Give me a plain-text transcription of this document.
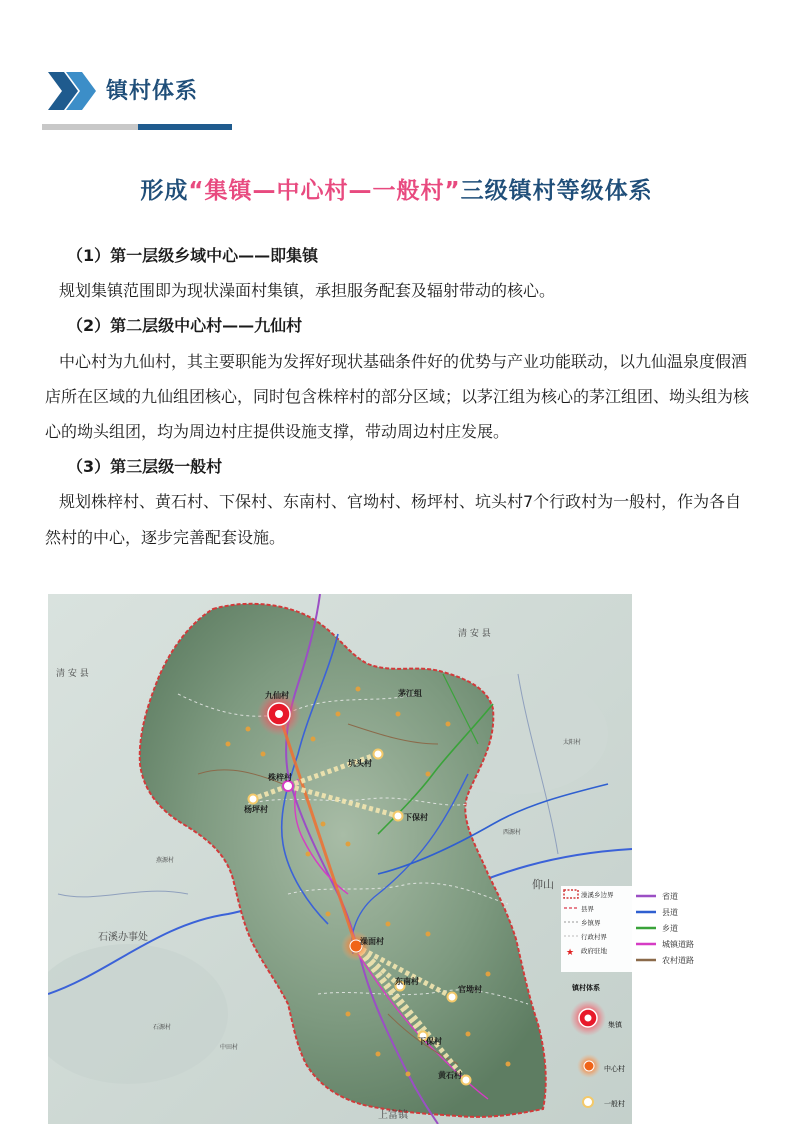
镇村体系
形成“集镇—中心村—一般村”三级镇村等级体系
（1）第一层级乡域中心——即集镇
规划集镇范围即为现状澡面村集镇，承担服务配套及辐射带动的核心。
（2）第二层级中心村——九仙村
中心村为九仙村，其主要职能为发挥好现状基础条件好的优势与产业功能联动，以九仙温泉度假酒店所在区域的九仙组团核心，同时包含株梓村的部分区域；以茅江组为核心的茅江组团、坳头组为核心的坳头组团，均为周边村庄提供设施支撑，带动周边村庄发展。
（3）第三层级一般村
规划株梓村、黄石村、下保村、东南村、官坳村、杨坪村、坑头村7个行政村为一般村，作为各自然村的中心，逐步完善配套设施。
九仙村
株梓村
茅江组
下保村
澡面村
东南村
官坳村
下保村
黄石村
杨坪村
坑头村
清 安 县
清 安 县
石溪办事处
上富镇
仰山
太阳村
西源村
石源村
燕源村
中田村
澡溪乡边界
县界
乡镇界
行政村界
★ 政府驻地
镇村体系
集镇
中心村
一般村
省道
县道
乡道
城镇道路
农村道路
